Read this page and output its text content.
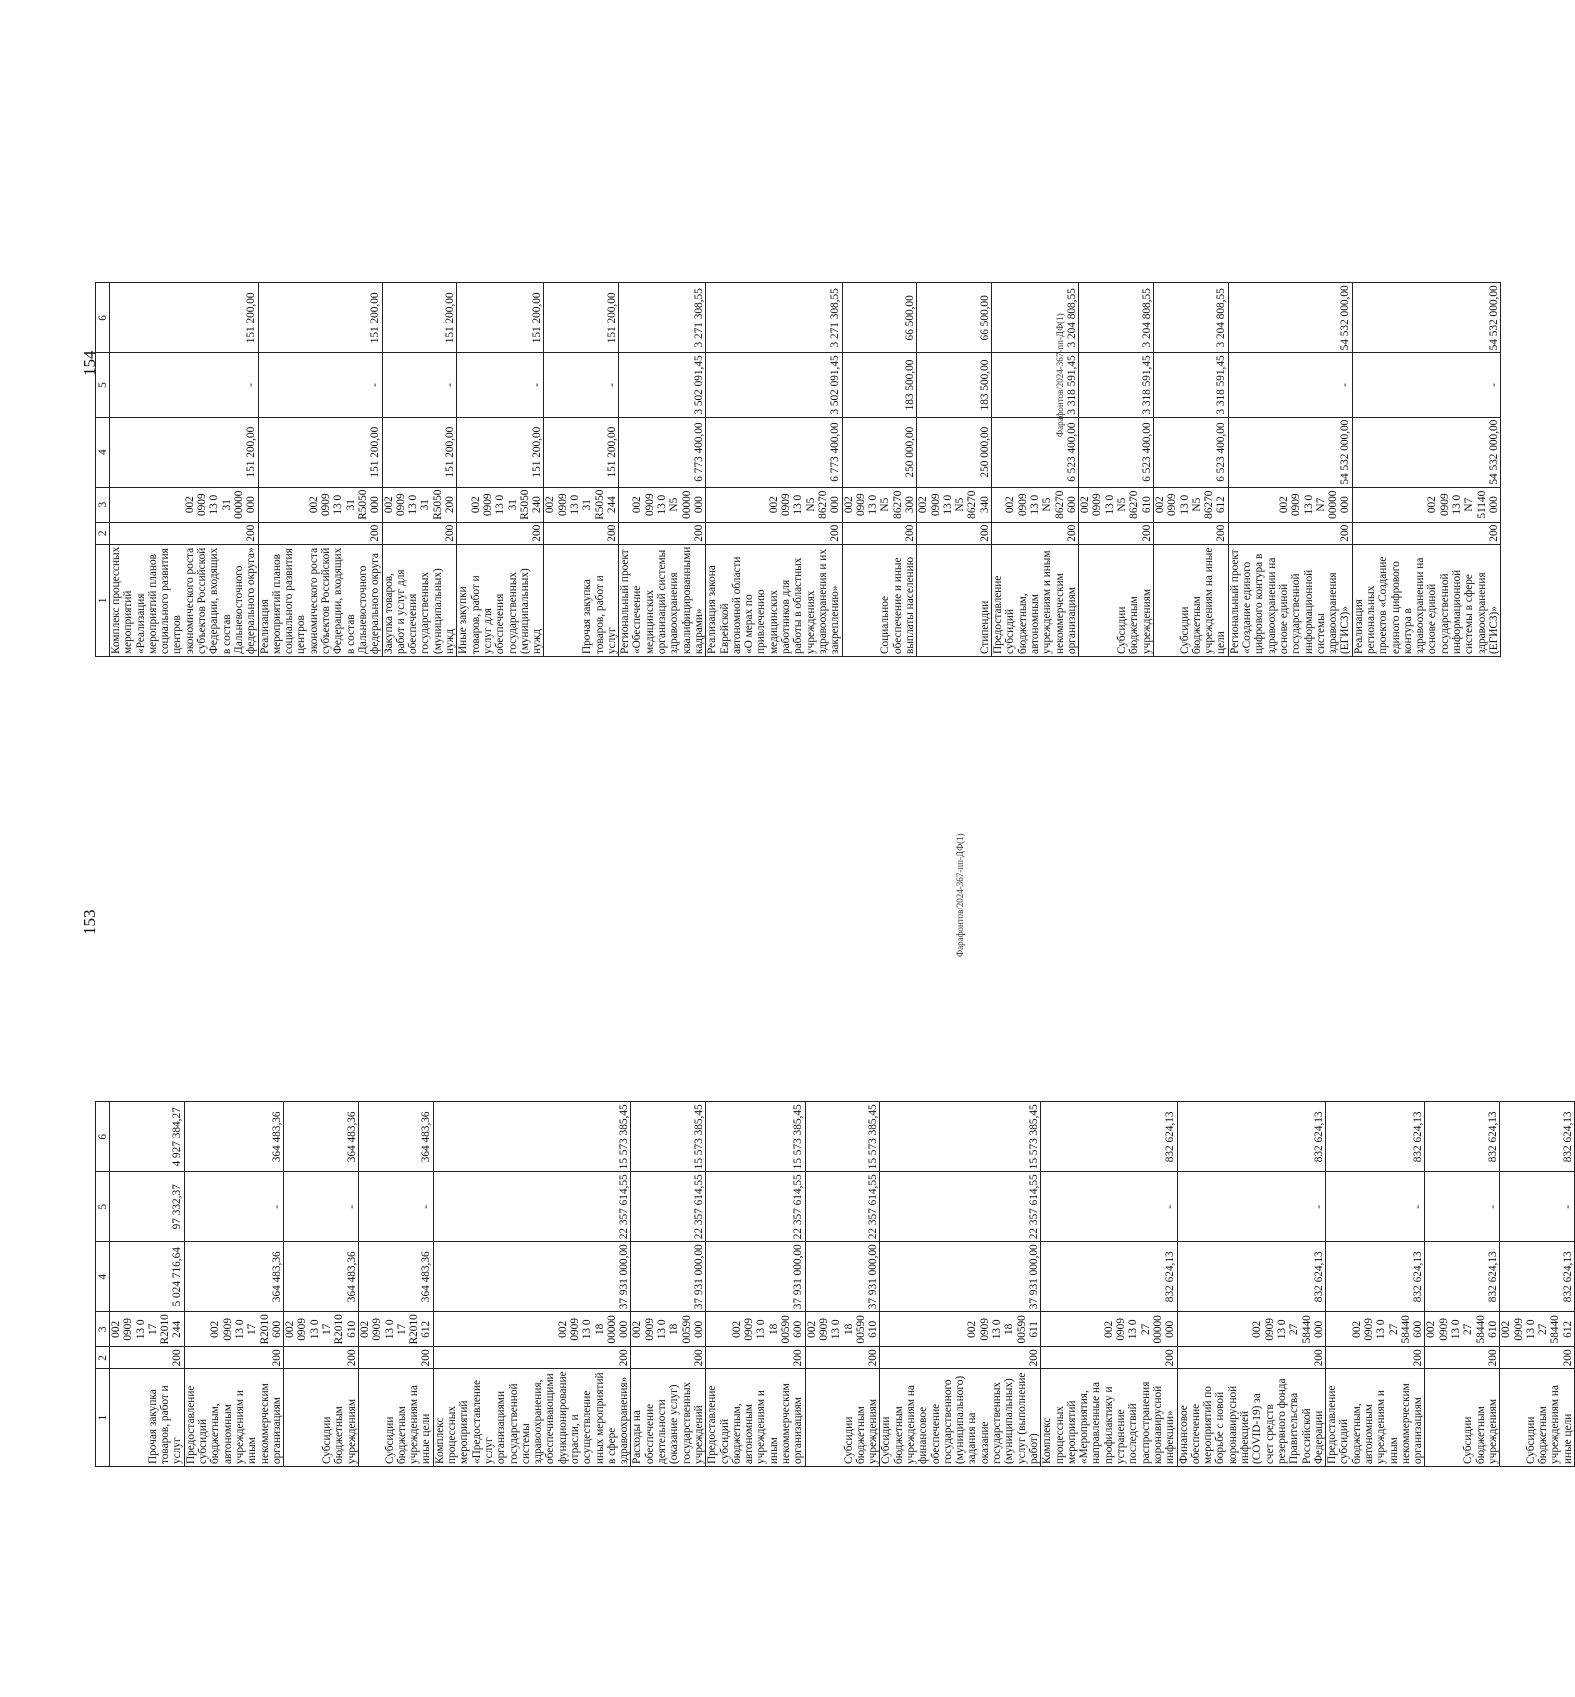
153
1	2	3	4	5	6
Прочая закупка товаров, работ и услуг	200	002 0909 13 0 17 R2010 244	5 024 716,64	97 332,37	4 927 384,27
Предоставление субсидий бюджетным, автономным учреждениям и иным некоммерческим организациям	200	002 0909 13 0 17 R2010 600	364 483,36	-	364 483,36
Субсидии бюджетным учреждениям	200	002 0909 13 0 17 R2010 610	364 483,36	-	364 483,36
Субсидии бюджетным учреждениям на иные цели	200	002 0909 13 0 17 R2010 612	364 483,36	-	364 483,36
Комплекс процессных мероприятий «Предоставление услуг организациями государственной системы здравоохранения, обеспечивающими функционирование отрасли, и осуществление иных мероприятий в сфере здравоохранения»	200	002 0909 13 0 18 00000 000	37 931 000,00	22 357 614,55	15 573 385,45
Расходы на обеспечение деятельности (оказание услуг) государственных учреждений	200	002 0909 13 0 18 00590 000	37 931 000,00	22 357 614,55	15 573 385,45
Предоставление субсидий бюджетным, автономным учреждениям и иным некоммерческим организациям	200	002 0909 13 0 18 00590 600	37 931 000,00	22 357 614,55	15 573 385,45
Субсидии бюджетным учреждениям	200	002 0909 13 0 18 00590 610	37 931 000,00	22 357 614,55	15 573 385,45
Субсидии бюджетным учреждениям на финансовое обеспечение государственного (муниципального) задания на оказание государственных (муниципальных) услуг (выполнение работ)	200	002 0909 13 0 18 00590 611	37 931 000,00	22 357 614,55	15 573 385,45
Комплекс процессных мероприятий «Мероприятия, направленные на профилактику и устранение последствий распространения коронавирусной инфекции»	200	002 0909 13 0 27 00000 000	832 624,13	-	832 624,13
Финансовое обеспечение мероприятий по борьбе с новой коронавирусной инфекцией (COVID-19) за счет средств резервного фонда Правительства Российской Федерации	200	002 0909 13 0 27 58440 000	832 624,13	-	832 624,13
Предоставление субсидий бюджетным, автономным учреждениям и иным некоммерческим организациям	200	002 0909 13 0 27 58440 600	832 624,13	-	832 624,13
Субсидии бюджетным учреждениям	200	002 0909 13 0 27 58440 610	832 624,13	-	832 624,13
Субсидии бюджетным учреждениям на иные цели	200	002 0909 13 0 27 58440 612	832 624,13	-	832 624,13
Фарафонтов/2024-367-пп-ДФ(1)
154
1	2	3	4	5	6
Комплекс процессных мероприятий «Реализация мероприятий планов социального развития центров экономического роста субъектов Российской Федерации, входящих в состав Дальневосточного федерального округа»	200	002 0909 13 0 31 00000 000	151 200,00	-	151 200,00
Реализация мероприятий планов социального развития центров экономического роста субъектов Российской Федерации, входящих в состав Дальневосточного федерального округа	200	002 0909 13 0 31 R5050 000	151 200,00	-	151 200,00
Закупка товаров, работ и услуг для обеспечения государственных (муниципальных) нужд	200	002 0909 13 0 31 R5050 200	151 200,00	-	151 200,00
Иные закупки товаров, работ и услуг для обеспечения государственных (муниципальных) нужд	200	002 0909 13 0 31 R5050 240	151 200,00	-	151 200,00
Прочая закупка товаров, работ и услуг	200	002 0909 13 0 31 R5050 244	151 200,00	-	151 200,00
Региональный проект «Обеспечение медицинских организаций системы здравоохранения квалифицированными кадрами»	200	002 0909 13 0 N5 00000 000	6 773 400,00	3 502 091,45	3 271 308,55
Реализация закона Еврейской автономной области «О мерах по привлечению медицинских работников для работы в областных учреждениях здравоохранения и их закреплению»	200	002 0909 13 0 N5 86270 000	6 773 400,00	3 502 091,45	3 271 308,55
Социальное обеспечение и иные выплаты населению	200	002 0909 13 0 N5 86270 300	250 000,00	183 500,00	66 500,00
Стипендии	200	002 0909 13 0 N5 86270 340	250 000,00	183 500,00	66 500,00
Предоставление субсидий бюджетным, автономным учреждениям и иным некоммерческим организациям	200	002 0909 13 0 N5 86270 600	6 523 400,00	3 318 591,45	3 204 808,55
Субсидии бюджетным учреждениям	200	002 0909 13 0 N5 86270 610	6 523 400,00	3 318 591,45	3 204 808,55
Субсидии бюджетным учреждениям на иные цели	200	002 0909 13 0 N5 86270 612	6 523 400,00	3 318 591,45	3 204 808,55
Региональный проект «Создание единого цифрового контура в здравоохранении на основе единой государственной информационной системы здравоохранения (ЕГИСЗ)»	200	002 0909 13 0 N7 00000 000	54 532 000,00	-	54 532 000,00
Реализация региональных проектов «Создание единого цифрового контура в здравоохранении на основе единой государственной информационной системы в сфере здравоохранения (ЕГИСЗ)»	200	002 0909 13 0 N7 51140 000	54 532 000,00	-	54 532 000,00
Фарафонтов/2024-367-пп-ДФ(1)
